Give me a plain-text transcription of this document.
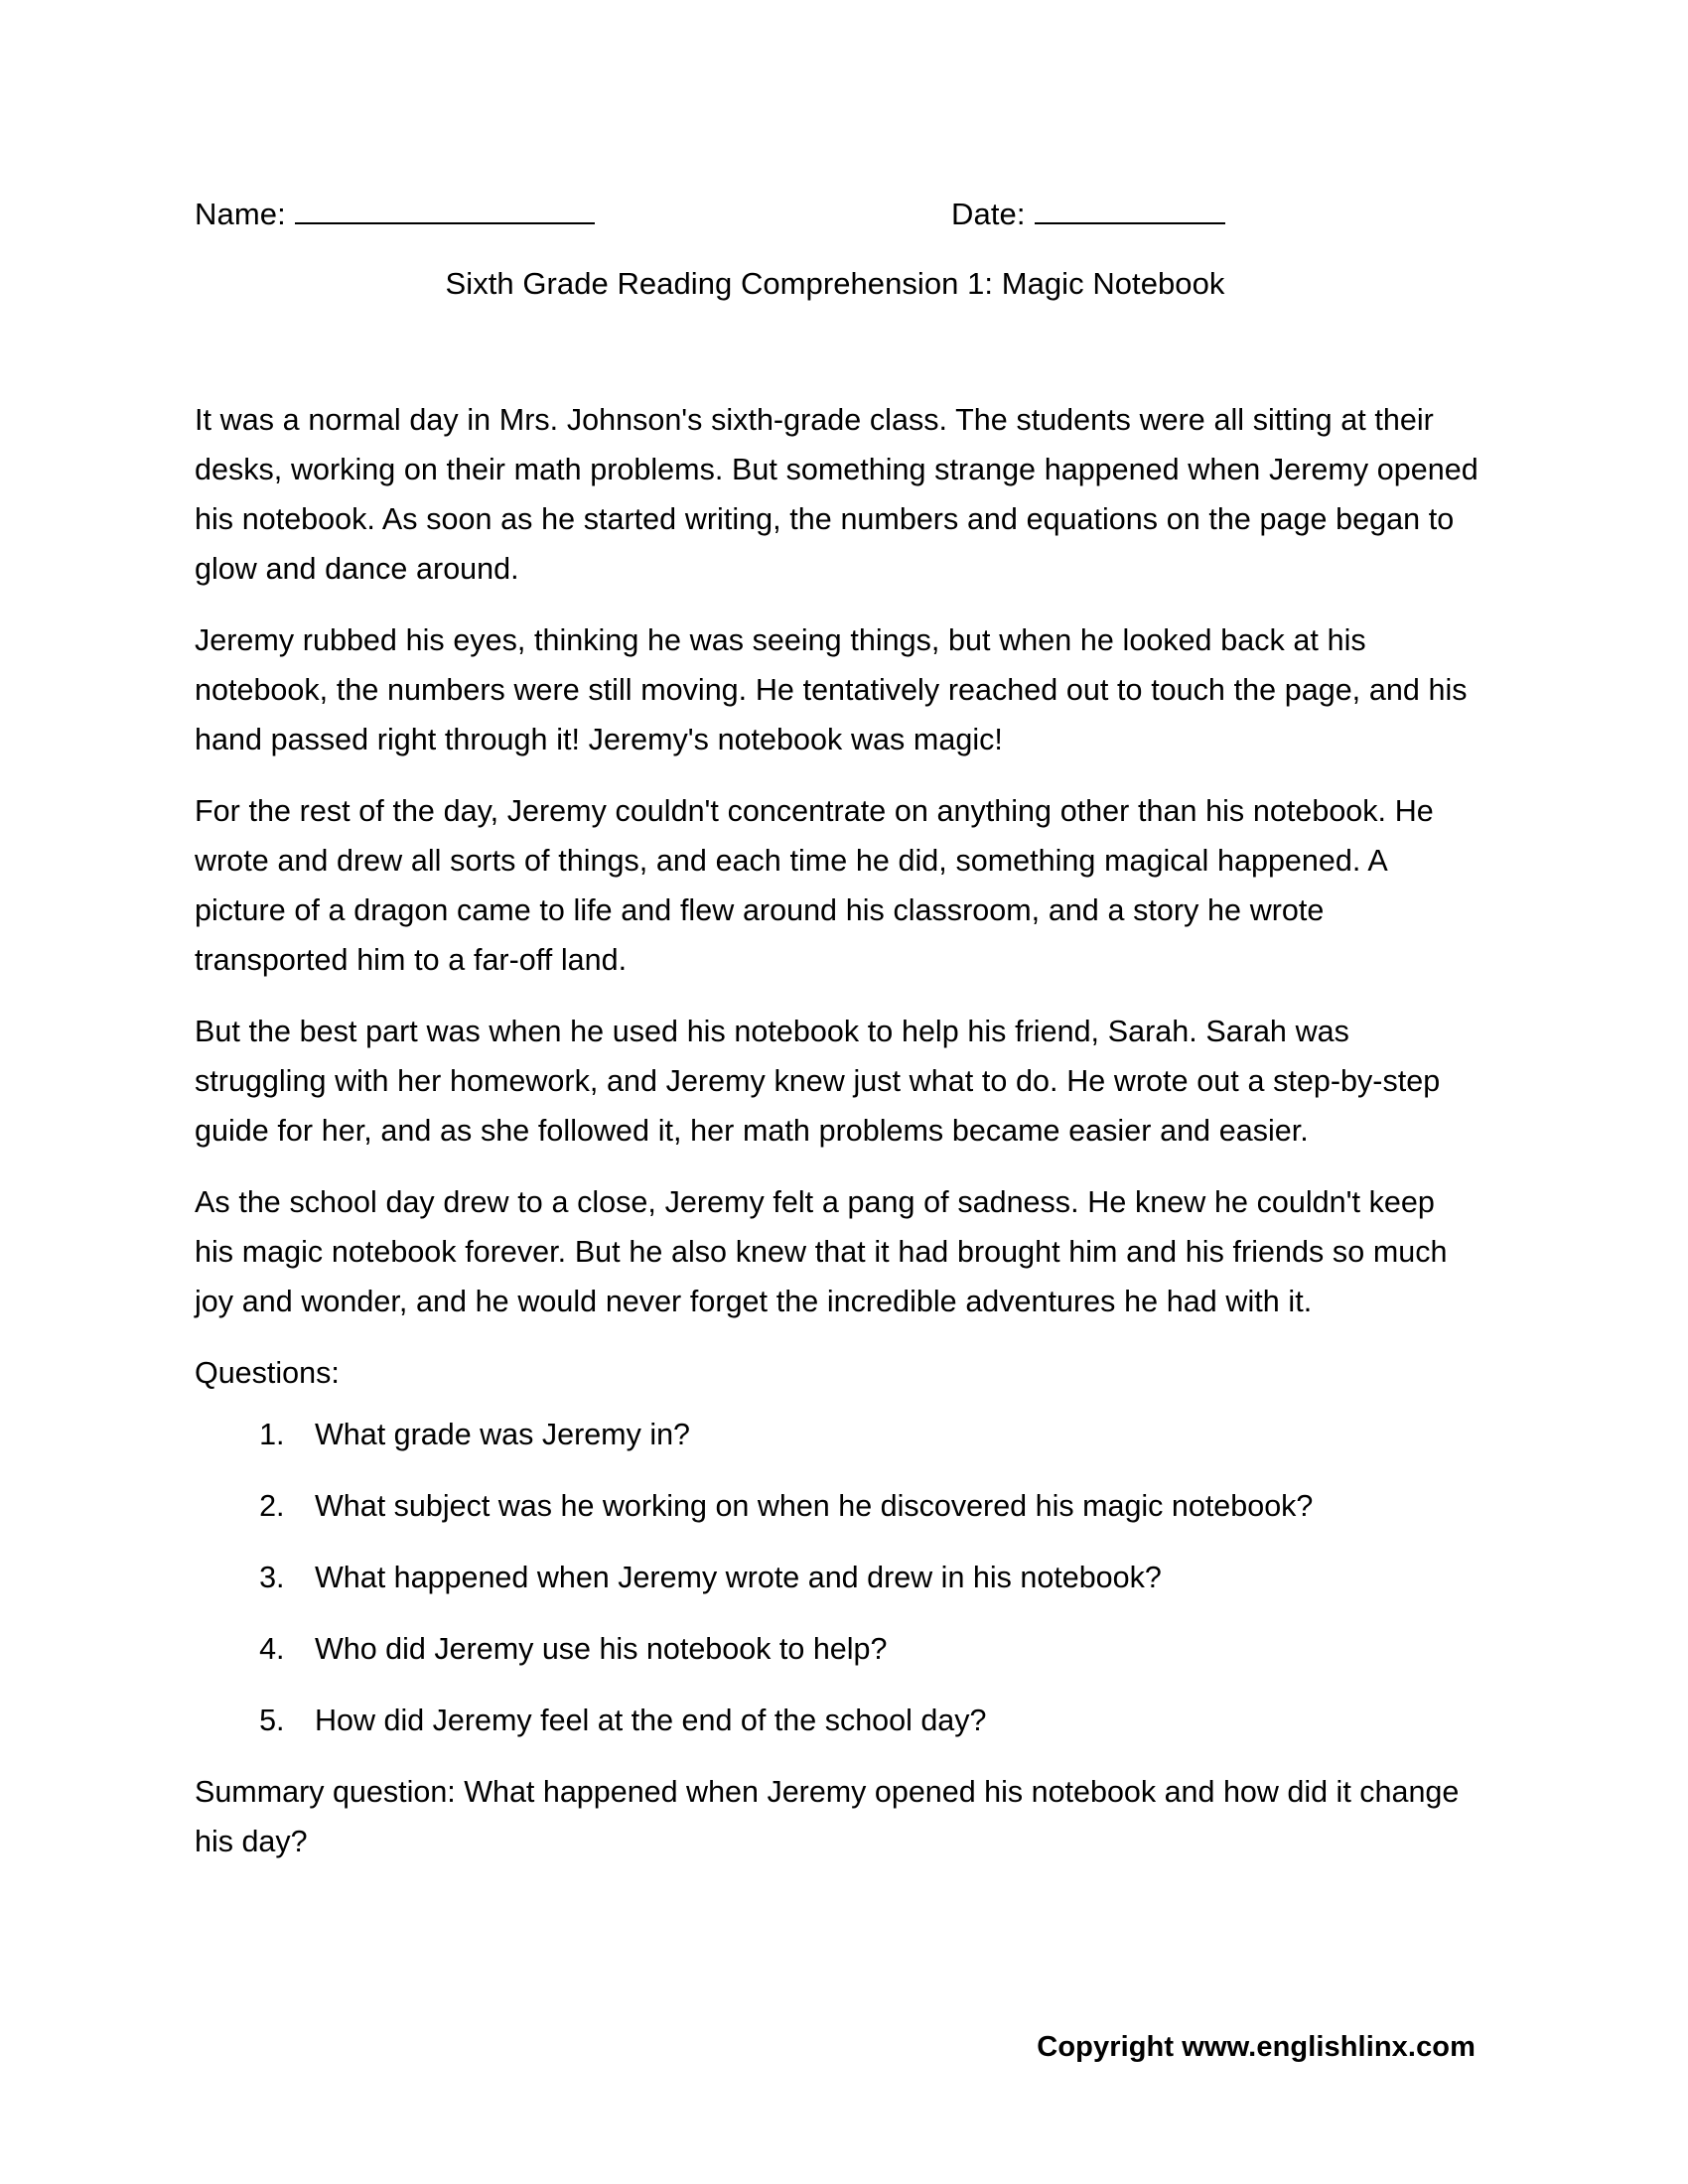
Name:	Date:
Sixth Grade Reading Comprehension 1: Magic Notebook

It was a normal day in Mrs. Johnson's sixth-grade class. The students were all sitting at their desks, working on their math problems. But something strange happened when Jeremy opened his notebook. As soon as he started writing, the numbers and equations on the page began to glow and dance around.

Jeremy rubbed his eyes, thinking he was seeing things, but when he looked back at his notebook, the numbers were still moving. He tentatively reached out to touch the page, and his hand passed right through it! Jeremy's notebook was magic!

For the rest of the day, Jeremy couldn't concentrate on anything other than his notebook. He wrote and drew all sorts of things, and each time he did, something magical happened. A picture of a dragon came to life and flew around his classroom, and a story he wrote transported him to a far-off land.

But the best part was when he used his notebook to help his friend, Sarah. Sarah was struggling with her homework, and Jeremy knew just what to do. He wrote out a step-by-step guide for her, and as she followed it, her math problems became easier and easier.

As the school day drew to a close, Jeremy felt a pang of sadness. He knew he couldn't keep his magic notebook forever. But he also knew that it had brought him and his friends so much joy and wonder, and he would never forget the incredible adventures he had with it.

Questions:
1. What grade was Jeremy in?
2. What subject was he working on when he discovered his magic notebook?
3. What happened when Jeremy wrote and drew in his notebook?
4. Who did Jeremy use his notebook to help?
5. How did Jeremy feel at the end of the school day?

Summary question: What happened when Jeremy opened his notebook and how did it change his day?

Copyright www.englishlinx.com
